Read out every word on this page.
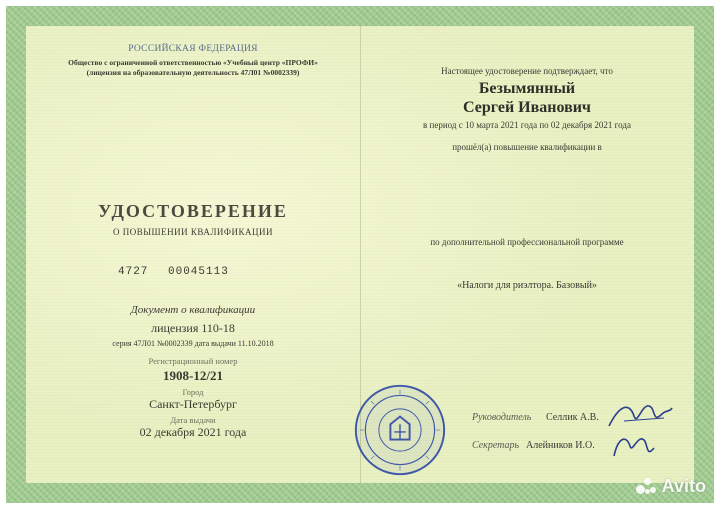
РОССИЙСКАЯ ФЕДЕРАЦИЯ
Общество с ограниченной ответственностью «Учебный центр «ПРОФИ»
(лицензия на образовательную деятельность 47Л01 №0002339)
УДОСТОВЕРЕНИЕ
О ПОВЫШЕНИИ КВАЛИФИКАЦИИ
4727 00045113
Документ о квалификации
лицензия 110-18
серия 47Л01 №0002339 дата выдачи 11.10.2018
Регистрационный номер
1908-12/21
Город
Санкт-Петербург
Дата выдачи
02 декабря 2021 года
Настоящее удостоверение подтверждает, что
Безымянный
Сергей Иванович
в период с 10 марта 2021 года по 02 декабря 2021 года
прошёл(а) повышение квалификации в
по дополнительной профессиональной программе
«Налоги для риэлтора. Базовый»
Руководитель Селлик А.В.
Секретарь Алейников И.О.
Avito
